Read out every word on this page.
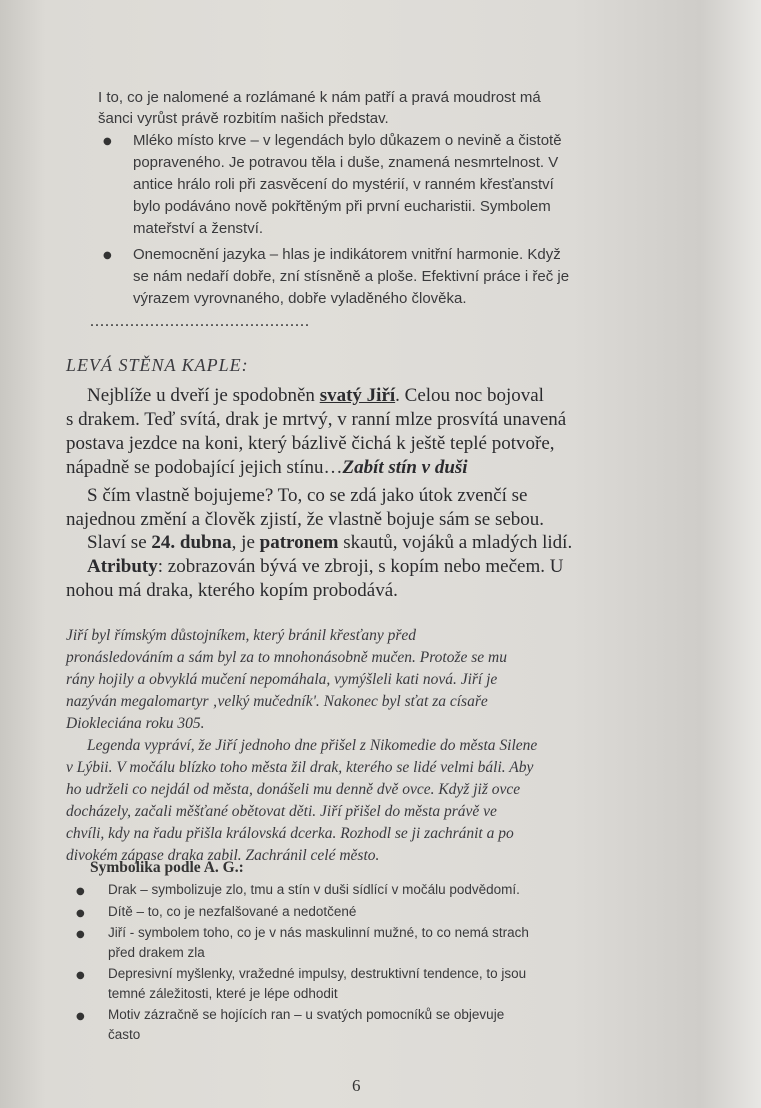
I to, co je nalomené a rozlámané k nám patří a pravá moudrost má
šanci vyrůst právě rozbitím našich představ.
● Mléko místo krve – v legendách bylo důkazem o nevině a čistotě
popraveného. Je potravou těla i duše, znamená nesmrtelnost. V
antice hrálo roli při zasvěcení do mystérií, v ranném křesťanství
bylo podáváno nově pokřtěným při první eucharistii. Symbolem
mateřství a ženství.
● Onemocnění jazyka – hlas je indikátorem vnitřní harmonie. Když
se nám nedaří dobře, zní stísněně a ploše. Efektivní práce i řeč je
výrazem vyrovnaného, dobře vyladěného člověka.
............................................
LEVÁ STĚNA KAPLE:
Nejblíže u dveří je spodobněn svatý Jiří. Celou noc bojoval
s drakem. Teď svítá, drak je mrtvý, v ranní mlze prosvítá unavená
postava jezdce na koni, který bázlivě čichá k ještě teplé potvoře,
nápadně se podobající jejich stínu…Zabít stín v duši
S čím vlastně bojujeme? To, co se zdá jako útok zvenčí se
najednou změní a člověk zjistí, že vlastně bojuje sám se sebou.
Slaví se 24. dubna, je patronem skautů, vojáků a mladých lidí.
Atributy: zobrazován bývá ve zbroji, s kopím nebo mečem. U
nohou má draka, kterého kopím probodává.
Jiří byl římským důstojníkem, který bránil křesťany před
pronásledováním a sám byl za to mnohonásobně mučen. Protože se mu
rány hojily a obvyklá mučení nepomáhala, vymýšleli kati nová. Jiří je
nazýván megalomartyr ‚velký mučedník'. Nakonec byl sťat za císaře
Diokleciána roku 305.
Legenda vypráví, že Jiří jednoho dne přišel z Nikomedie do města Silene
v Lýbii. V močálu blízko toho města žil drak, kterého se lidé velmi báli. Aby
ho udrželi co nejdál od města, donášeli mu denně dvě ovce. Když již ovce
docházely, začali měšťané obětovat děti. Jiří přišel do města právě ve
chvíli, kdy na řadu přišla královská dcerka. Rozhodl se ji zachránit a po
divokém zápase draka zabil. Zachránil celé město.
Symbolika podle A. G.:
● Drak – symbolizuje zlo, tmu a stín v duši sídlící v močálu podvědomí.
● Dítě – to, co je nezfalšované a nedotčené
● Jiří - symbolem toho, co je v nás maskulinní mužné, to co nemá strach
před drakem zla
● Depresivní myšlenky, vražedné impulsy, destruktivní tendence, to jsou
temné záležitosti, které je lépe odhodit
● Motiv zázračně se hojících ran – u svatých pomocníků se objevuje
často
6
